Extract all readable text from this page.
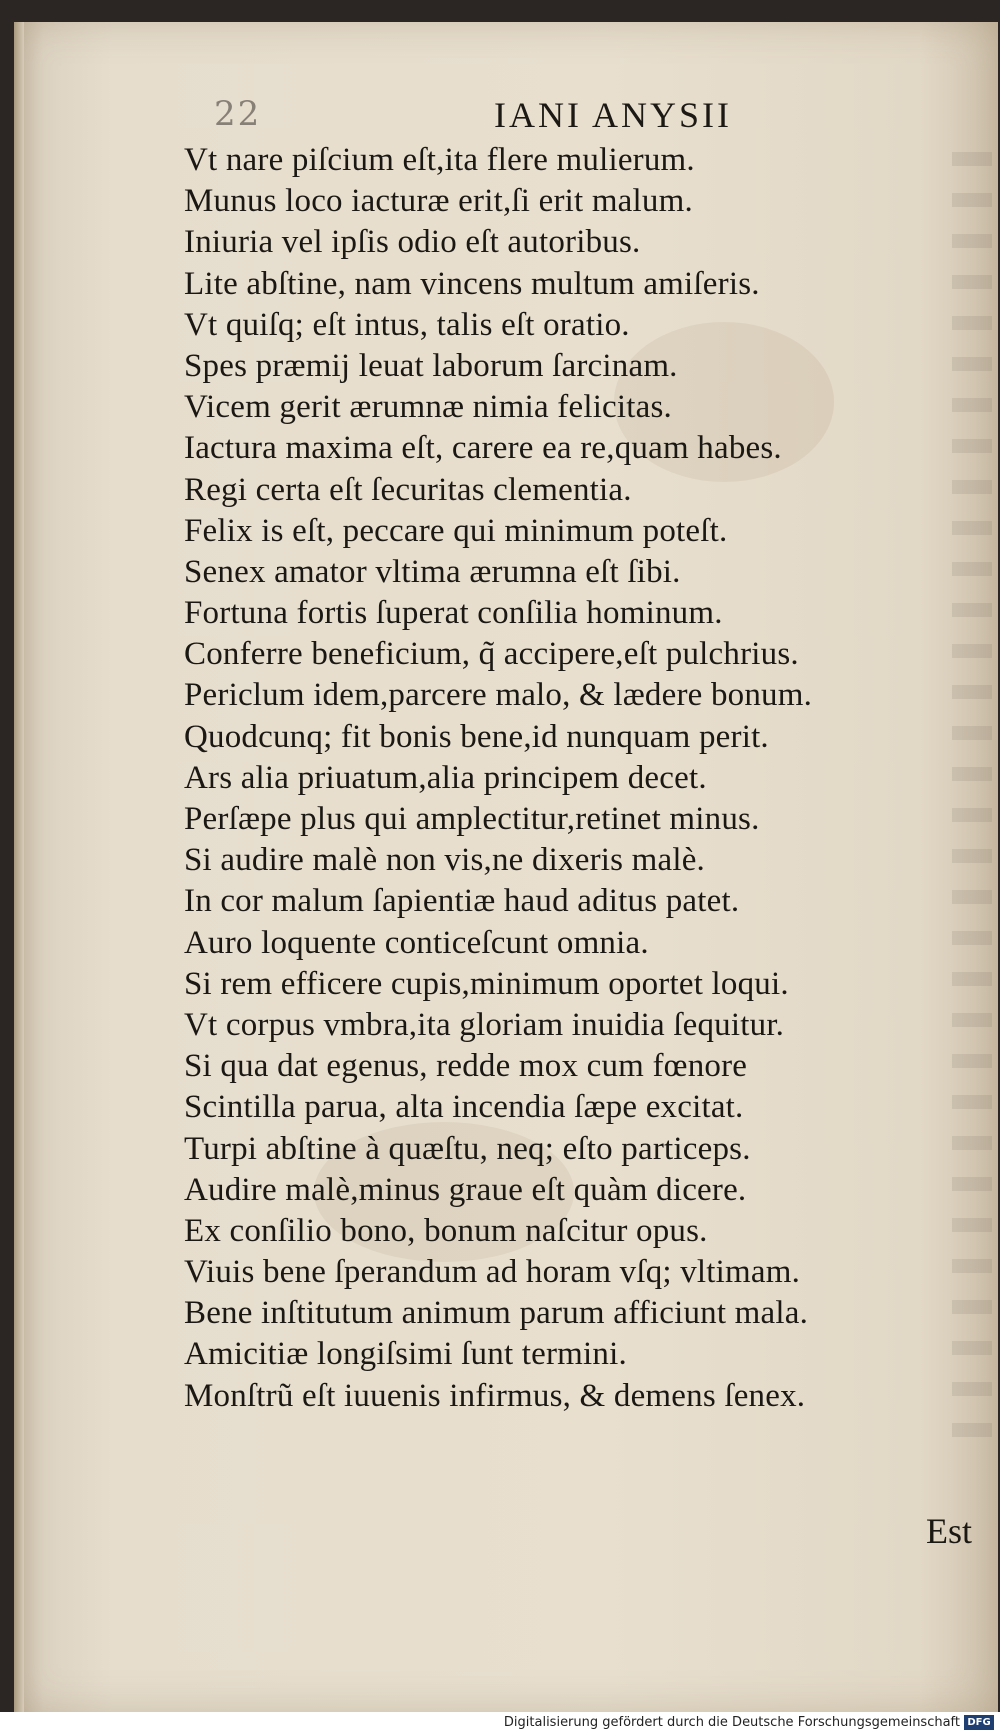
22	IANI ANYSII
Vt nare piſcium eſt,ita flere mulierum.
Munus loco iacturæ erit,ſi erit malum.
Iniuria vel ipſis odio eſt autoribus.
Lite abſtine, nam vincens multum amiſeris.
Vt quiſq; eſt intus, talis eſt oratio.
Spes præmij leuat laborum ſarcinam.
Vicem gerit ærumnæ nimia felicitas.
Iactura maxima eſt, carere ea re,quam habes.
Regi certa eſt ſecuritas clementia.
Felix is eſt, peccare qui minimum poteſt.
Senex amator vltima ærumna eſt ſibi.
Fortuna fortis ſuperat conſilia hominum.
Conferre beneficium, q̃ accipere,eſt pulchrius.
Periclum idem,parcere malo, & lædere bonum.
Quodcunq; fit bonis bene,id nunquam perit.
Ars alia priuatum,alia principem decet.
Perſæpe plus qui amplectitur,retinet minus.
Si audire malè non vis,ne dixeris malè.
In cor malum ſapientiæ haud aditus patet.
Auro loquente conticeſcunt omnia.
Si rem efficere cupis,minimum oportet loqui.
Vt corpus vmbra,ita gloriam inuidia ſequitur.
Si qua dat egenus, redde mox cum fœnore
Scintilla parua, alta incendia ſæpe excitat.
Turpi abſtine à quæſtu, neq; eſto particeps.
Audire malè,minus graue eſt quàm dicere.
Ex conſilio bono, bonum naſcitur opus.
Viuis bene ſperandum ad horam vſq; vltimam.
Bene inſtitutum animum parum afficiunt mala.
Amicitiæ longiſsimi ſunt termini.
Monſtrũ eſt iuuenis infirmus, & demens ſenex.
Est
Digitalisierung gefördert durch die Deutsche Forschungsgemeinschaft DFG
